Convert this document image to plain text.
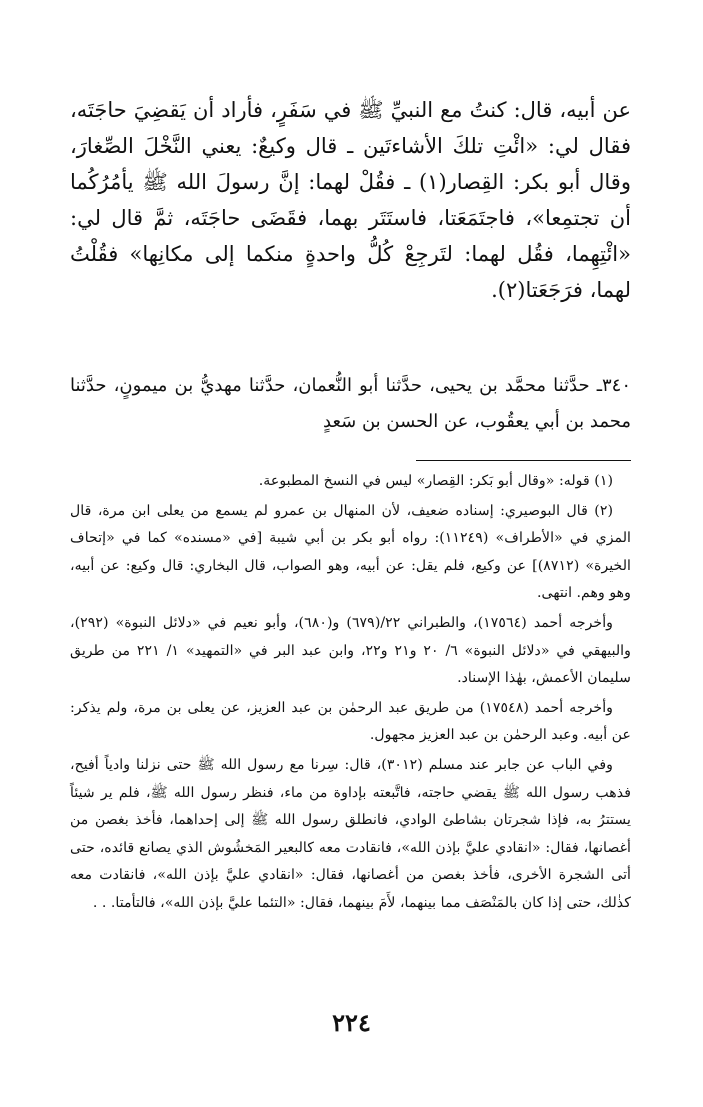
عن أبيه، قال: كنتُ مع النبيِّ ﷺ في سَفَرٍ، فأراد أن يَقضِيَ حاجَتَه، فقال لي: «ائْتِ تلكَ الأشاءتَين ـ قال وكيعٌ: يعني النَّخْلَ الصِّغارَ، وقال أبو بكر: القِصار(١) ـ فقُلْ لهما: إنَّ رسولَ الله ﷺ يأمُرُكُما أن تجتمِعا»، فاجتَمَعَتا، فاستَتَر بهما، فقَضَى حاجَتَه، ثمَّ قال لي: «ائْتِهِما، فقُل لهما: لتَرجِعْ كُلُّ واحدةٍ منكما إلى مكانِها» فقُلْتُ لهما، فرَجَعَتا(٢).

٣٤٠ـ حدَّثنا محمَّد بن يحيى، حدَّثنا أبو النُّعمان، حدَّثنا مهديُّ بن ميمونٍ، حدَّثنا محمد بن أبي يعقُوب، عن الحسن بن سَعدٍ

(١) قوله: «وقال أبو بَكر: القِصار» ليس في النسخ المطبوعة.

(٢) قال البوصيري: إسناده ضعيف، لأن المنهال بن عمرو لم يسمع من يعلى ابن مرة، قال المزي في «الأطراف» (١١٢٤٩): رواه أبو بكر بن أبي شيبة [في «مسنده» كما في «إتحاف الخيرة» (٨٧١٢)] عن وكيع، فلم يقل: عن أبيه، وهو الصواب، قال البخاري: قال وكيع: عن أبيه، وهو وهم. انتهى.

وأخرجه أحمد (١٧٥٦٤)، والطبراني ٢٢/(٦٧٩) و(٦٨٠)، وأبو نعيم في «دلائل النبوة» (٢٩٢)، والبيهقي في «دلائل النبوة» ٦/ ٢٠ و٢١ و٢٢، وابن عبد البر في «التمهيد» ١/ ٢٢١ من طريق سليمان الأعمش، بهٰذا الإسناد.

وأخرجه أحمد (١٧٥٤٨) من طريق عبد الرحمٰن بن عبد العزيز، عن يعلى بن مرة، ولم يذكر: عن أبيه. وعبد الرحمٰن بن عبد العزيز مجهول.

وفي الباب عن جابر عند مسلم (٣٠١٢)، قال: سِرنا مع رسول الله ﷺ حتى نزلنا وادياً أفيح، فذهب رسول الله ﷺ يقضي حاجته، فاتَّبعته بإداوة من ماء، فنظر رسول الله ﷺ، فلم ير شيئاً يستترُ به، فإذا شجرتان بشاطئ الوادي، فانطلق رسول الله ﷺ إلى إحداهما، فأخذ بغصن من أغصانها، فقال: «انقادي عليَّ بإذن الله»، فانقادت معه كالبعير المَخشُوش الذي يصانع قائده، حتى أتى الشجرة الأخرى، فأخذ بغصن من أغصانها، فقال: «انقادي عليَّ بإذن الله»، فانقادت معه كذٰلك، حتى إذا كان بالمَنْصَف مما بينهما، لأَمَ بينهما، فقال: «التئما عليَّ بإذن الله»، فالتأمتا. . .

٢٢٤
